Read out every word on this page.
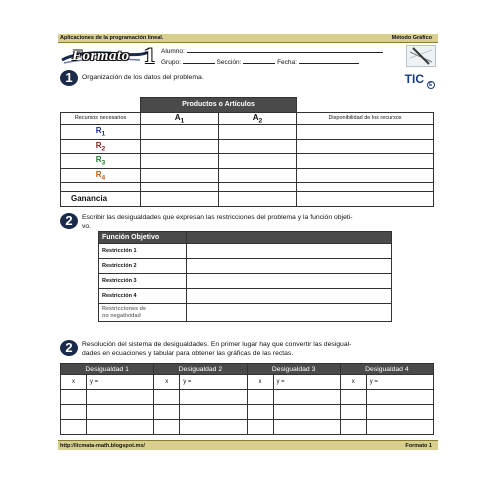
Aplicaciones de la programación lineal.	Método Gráfico
Formato 1 Alumno:
Grupo:	Sección:	Fecha:
1	Organización de los datos del problema.	TIC E
	Productos o Artículos		
Recursos necesarios	$A_1$	$A_2$	Disponibilidad de los recursos
$R_1$			
$R_2$			
$R_3$			
$R_4$			

Ganancia			
2	Escribir las desigualdades que expresan las restricciones del problema y la función objeti-
vo.
Función Objetivo	
Restricción 1	
Restricción 2	
Restricción 3	
Restricción 4	

Restricciones de
no negatividad	

2	Resolución del sistema de desigualdades. En primer lugar hay que convertir las desigual-
dades en ecuaciones y tabular para obtener las gráficas de las rectas.
Desigualdad 1		Desigualdad 2		Desigualdad 3		Desigualdad 4	
x	y =	x	y =	x	y =	x	y =

http://licmata-math.blogspot.mx/	Formato 1
